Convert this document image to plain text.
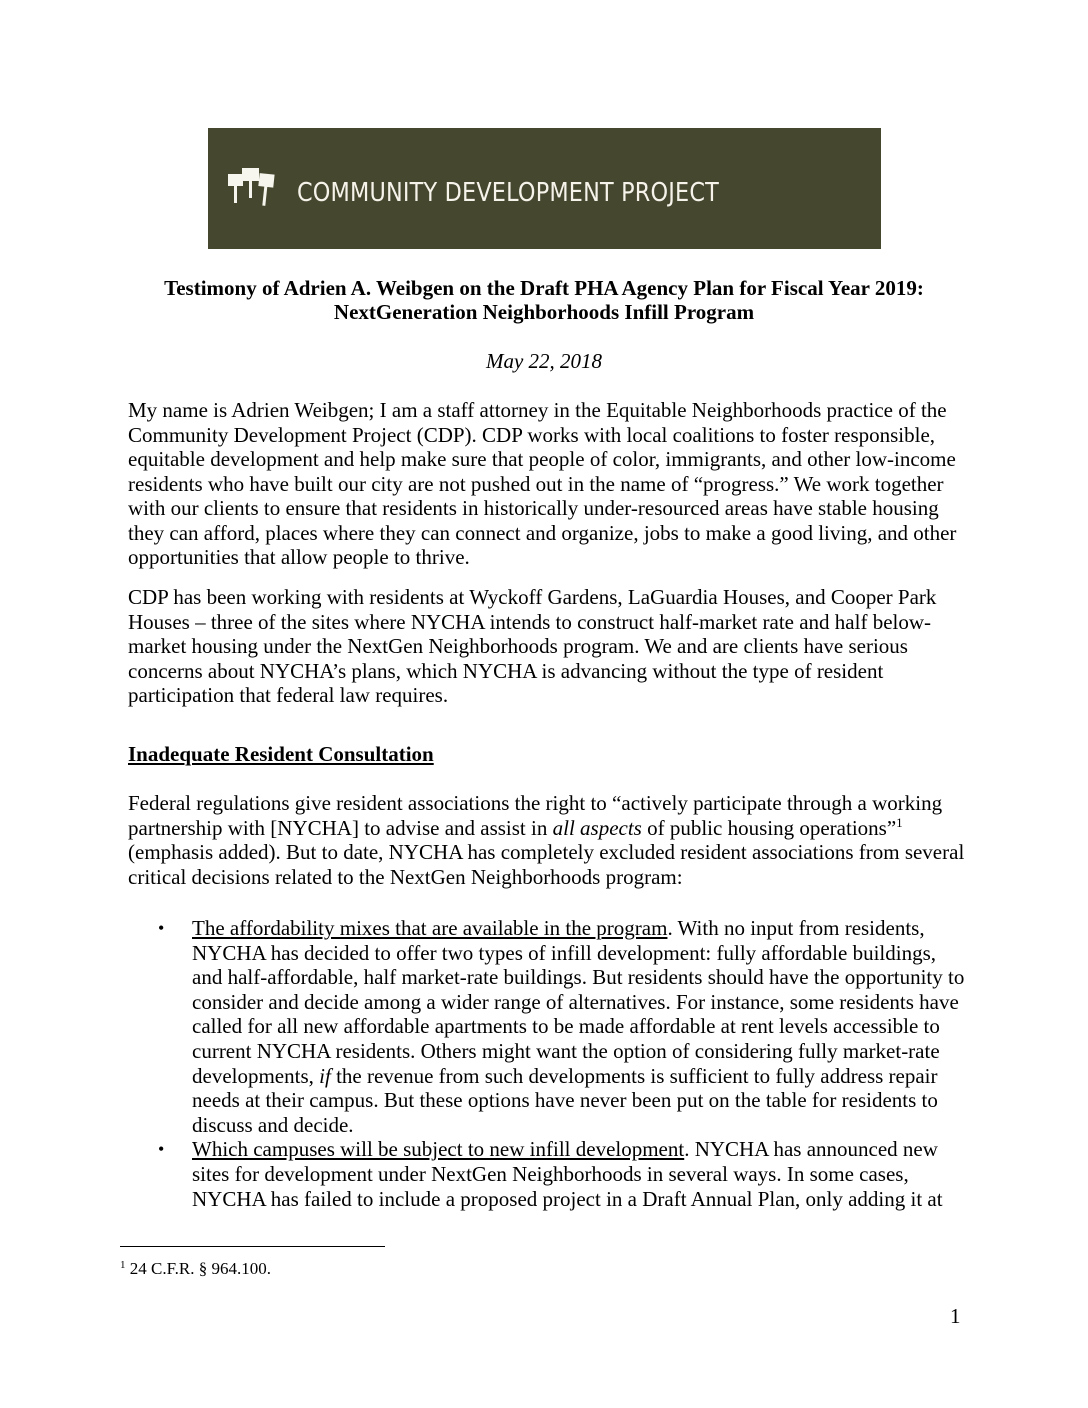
COMMUNITY DEVELOPMENT PROJECT
Testimony of Adrien A. Weibgen on the Draft PHA Agency Plan for Fiscal Year 2019:
NextGeneration Neighborhoods Infill Program
May 22, 2018
My name is Adrien Weibgen; I am a staff attorney in the Equitable Neighborhoods practice of the Community Development Project (CDP). CDP works with local coalitions to foster responsible, equitable development and help make sure that people of color, immigrants, and other low-income residents who have built our city are not pushed out in the name of “progress.” We work together with our clients to ensure that residents in historically under-resourced areas have stable housing they can afford, places where they can connect and organize, jobs to make a good living, and other opportunities that allow people to thrive.
CDP has been working with residents at Wyckoff Gardens, LaGuardia Houses, and Cooper Park Houses – three of the sites where NYCHA intends to construct half-market rate and half below-market housing under the NextGen Neighborhoods program. We and are clients have serious concerns about NYCHA’s plans, which NYCHA is advancing without the type of resident participation that federal law requires.
Inadequate Resident Consultation
Federal regulations give resident associations the right to “actively participate through a working partnership with [NYCHA] to advise and assist in all aspects of public housing operations”$^1$ (emphasis added). But to date, NYCHA has completely excluded resident associations from several critical decisions related to the NextGen Neighborhoods program:
• The affordability mixes that are available in the program. With no input from residents, NYCHA has decided to offer two types of infill development: fully affordable buildings, and half-affordable, half market-rate buildings. But residents should have the opportunity to consider and decide among a wider range of alternatives. For instance, some residents have called for all new affordable apartments to be made affordable at rent levels accessible to current NYCHA residents. Others might want the option of considering fully market-rate developments, if the revenue from such developments is sufficient to fully address repair needs at their campus. But these options have never been put on the table for residents to discuss and decide.
• Which campuses will be subject to new infill development. NYCHA has announced new sites for development under NextGen Neighborhoods in several ways. In some cases, NYCHA has failed to include a proposed project in a Draft Annual Plan, only adding it at
$^1$ 24 C.F.R. § 964.100.
1
